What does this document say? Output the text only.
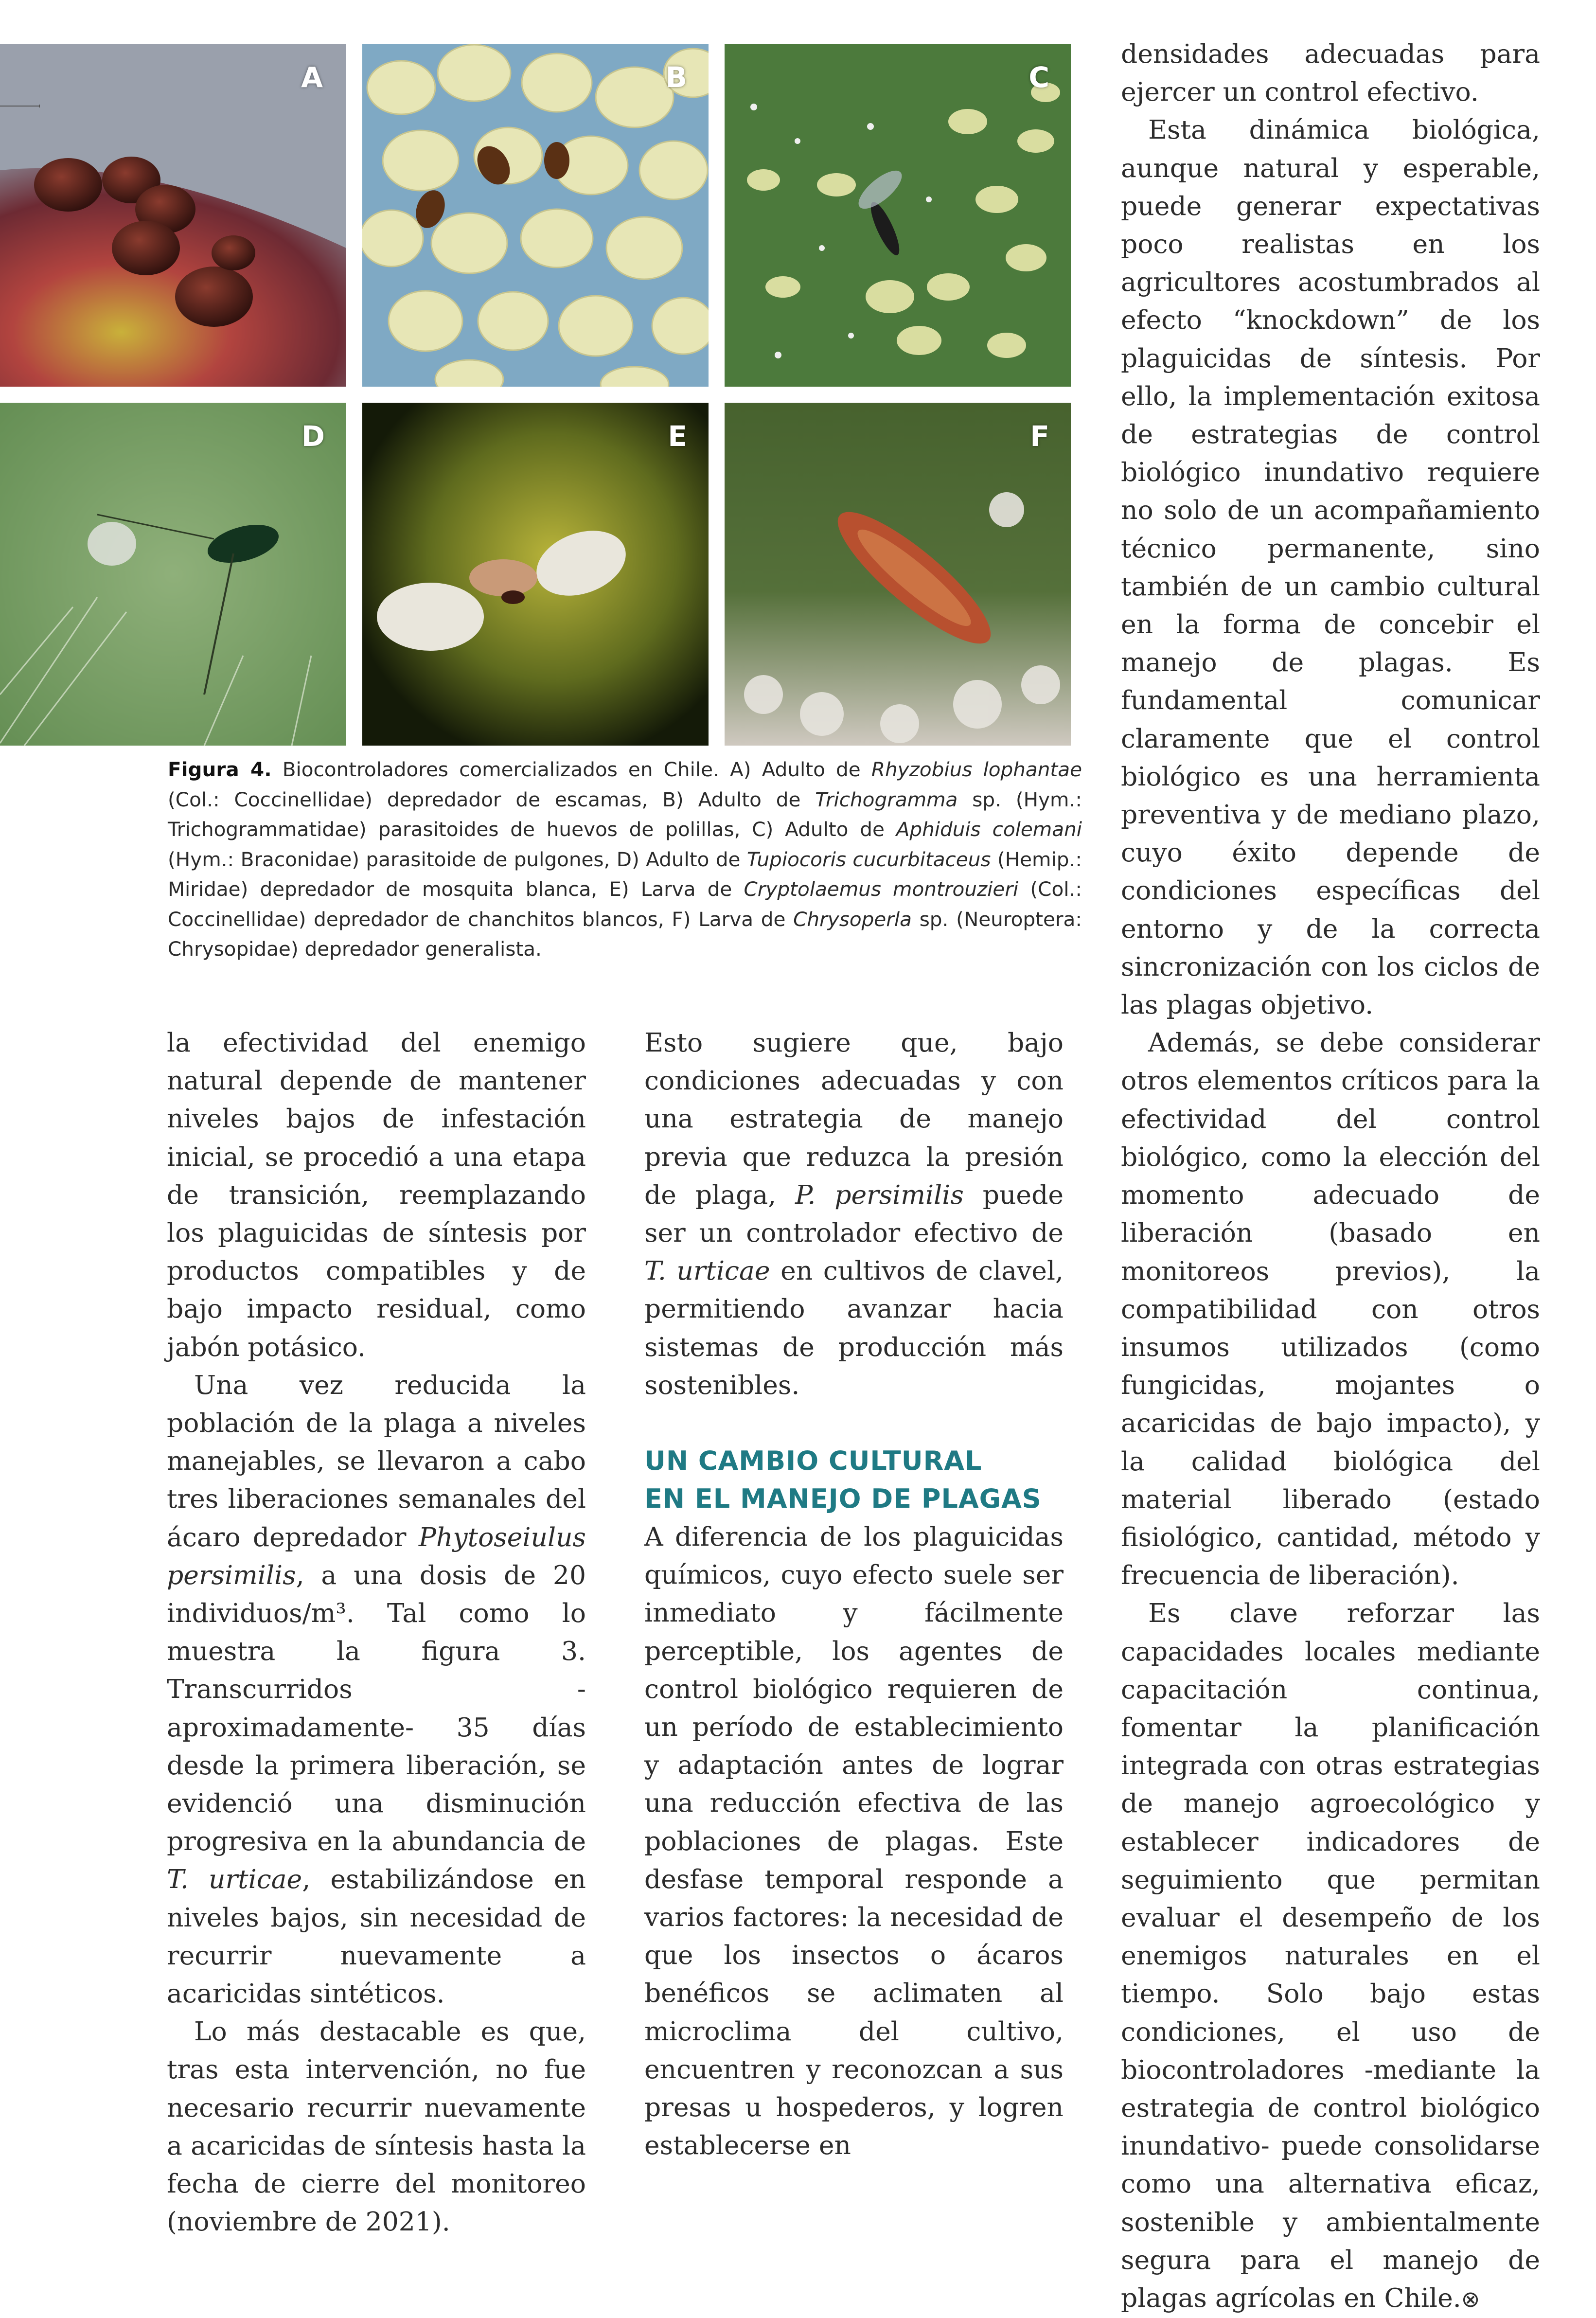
A	B	C
D	E	F
Figura 4. Biocontroladores comercializados en Chile. A) Adulto de Rhyzobius lophantae (Col.: Coccinellidae) depredador de escamas, B) Adulto de Trichogramma sp. (Hym.: Trichogrammatidae) parasitoides de huevos de polillas, C) Adulto de Aphiduis colemani (Hym.: Braconidae) parasitoide de pulgones, D) Adulto de Tupiocoris cucurbitaceus (Hemip.: Miridae) depredador de mosquita blanca, E) Larva de Cryptolaemus montrouzieri (Col.: Coccinellidae) depredador de chanchitos blancos, F) Larva de Chrysoperla sp. (Neuroptera: Chrysopidae) depredador generalista.

la efectividad del enemigo natural depende de mantener niveles bajos de infestación inicial, se procedió a una etapa de transición, reemplazando los plaguicidas de síntesis por productos compatibles y de bajo impacto residual, como jabón potásico.

Una vez reducida la población de la plaga a niveles manejables, se llevaron a cabo tres liberaciones semanales del ácaro depredador Phytoseiulus persimilis, a una dosis de 20 individuos/m³. Tal como lo muestra la figura 3. Transcurridos -aproximadamente- 35 días desde la primera liberación, se evidenció una disminución progresiva en la abundancia de T. urticae, estabilizándose en niveles bajos, sin necesidad de recurrir nuevamente a acaricidas sintéticos.

Lo más destacable es que, tras esta intervención, no fue necesario recurrir nuevamente a acaricidas de síntesis hasta la fecha de cierre del monitoreo (noviembre de 2021).

Esto sugiere que, bajo condiciones adecuadas y con una estrategia de manejo previa que reduzca la presión de plaga, P. persimilis puede ser un controlador efectivo de T. urticae en cultivos de clavel, permitiendo avanzar hacia sistemas de producción más sostenibles.

UN CAMBIO CULTURAL
EN EL MANEJO DE PLAGAS

A diferencia de los plaguicidas químicos, cuyo efecto suele ser inmediato y fácilmente perceptible, los agentes de control biológico requieren de un período de establecimiento y adaptación antes de lograr una reducción efectiva de las poblaciones de plagas. Este desfase temporal responde a varios factores: la necesidad de que los insectos o ácaros benéficos se aclimaten al microclima del cultivo, encuentren y reconozcan a sus presas u hospederos, y logren establecerse en

densidades adecuadas para ejercer un control efectivo.

Esta dinámica biológica, aunque natural y esperable, puede generar expectativas poco realistas en los agricultores acostumbrados al efecto “knockdown” de los plaguicidas de síntesis. Por ello, la implementación exitosa de estrategias de control biológico inundativo requiere no solo de un acompañamiento técnico permanente, sino también de un cambio cultural en la forma de concebir el manejo de plagas. Es fundamental comunicar claramente que el control biológico es una herramienta preventiva y de mediano plazo, cuyo éxito depende de condiciones específicas del entorno y de la correcta sincronización con los ciclos de las plagas objetivo.

Además, se debe considerar otros elementos críticos para la efectividad del control biológico, como la elección del momento adecuado de liberación (basado en monitoreos previos), la compatibilidad con otros insumos utilizados (como fungicidas, mojantes o acaricidas de bajo impacto), y la calidad biológica del material liberado (estado fisiológico, cantidad, método y frecuencia de liberación).

Es clave reforzar las capacidades locales mediante capacitación continua, fomentar la planificación integrada con otras estrategias de manejo agroecológico y establecer indicadores de seguimiento que permitan evaluar el desempeño de los enemigos naturales en el tiempo. Solo bajo estas condiciones, el uso de biocontroladores -mediante la estrategia de control biológico inundativo- puede consolidarse como una alternativa eficaz, sostenible y ambientalmente segura para el manejo de plagas agrícolas en Chile.⊗
